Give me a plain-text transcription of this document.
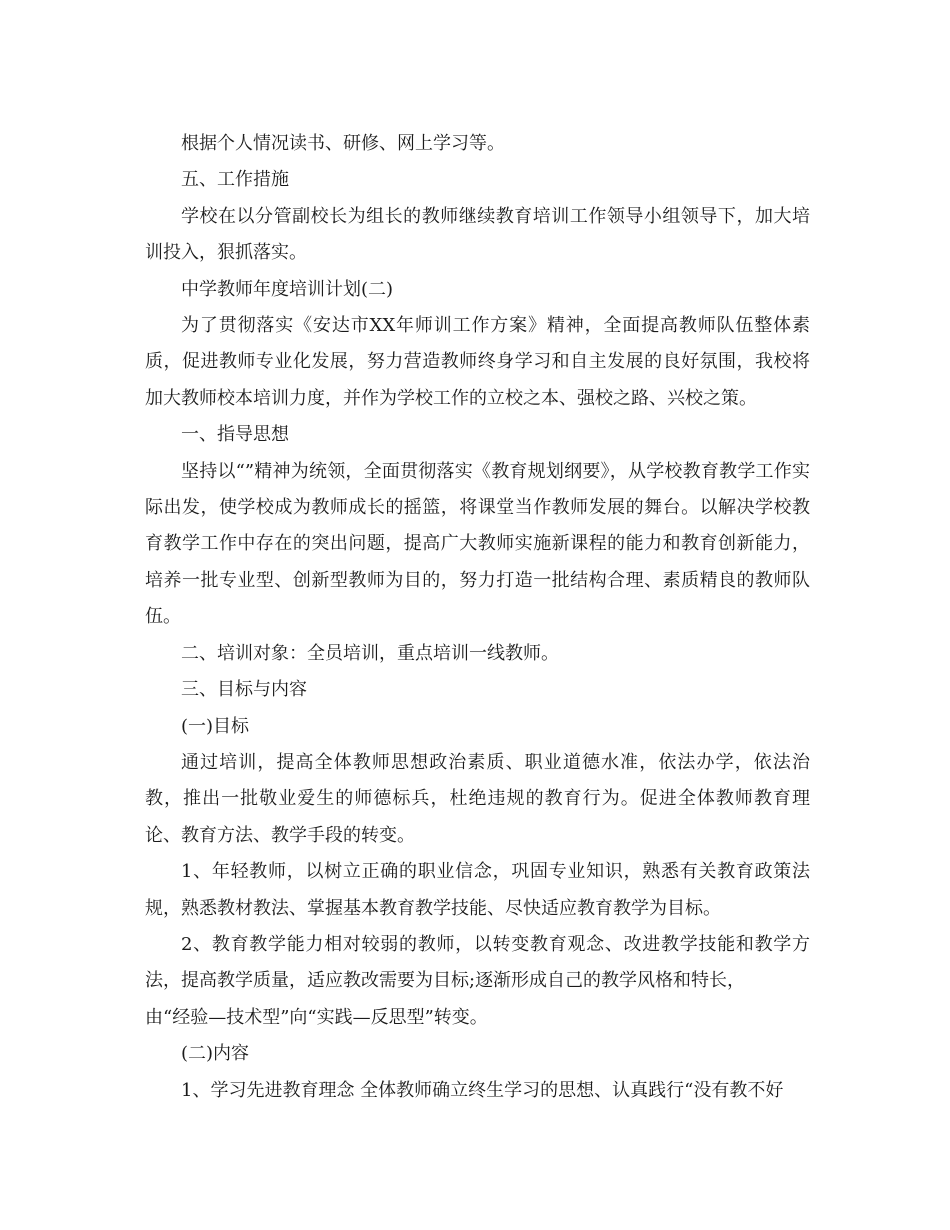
根据个人情况读书、研修、网上学习等。

五、工作措施

学校在以分管副校长为组长的教师继续教育培训工作领导小组领导下，加大培训投入，狠抓落实。

中学教师年度培训计划(二)

为了贯彻落实《安达市XX年师训工作方案》精神，全面提高教师队伍整体素质，促进教师专业化发展，努力营造教师终身学习和自主发展的良好氛围，我校将加大教师校本培训力度，并作为学校工作的立校之本、强校之路、兴校之策。

一、指导思想

坚持以“”精神为统领，全面贯彻落实《教育规划纲要》，从学校教育教学工作实际出发，使学校成为教师成长的摇篮，将课堂当作教师发展的舞台。以解决学校教育教学工作中存在的突出问题，提高广大教师实施新课程的能力和教育创新能力，培养一批专业型、创新型教师为目的，努力打造一批结构合理、素质精良的教师队伍。

二、培训对象：全员培训，重点培训一线教师。

三、目标与内容

(一)目标

通过培训，提高全体教师思想政治素质、职业道德水准，依法办学，依法治教，推出一批敬业爱生的师德标兵，杜绝违规的教育行为。促进全体教师教育理论、教育方法、教学手段的转变。

1、年轻教师，以树立正确的职业信念，巩固专业知识，熟悉有关教育政策法规，熟悉教材教法、掌握基本教育教学技能、尽快适应教育教学为目标。

2、教育教学能力相对较弱的教师，以转变教育观念、改进教学技能和教学方法，提高教学质量，适应教改需要为目标;逐渐形成自己的教学风格和特长，

由“经验—技术型”向“实践—反思型”转变。

(二)内容

1、学习先进教育理念 全体教师确立终生学习的思想、认真践行“没有教不好
